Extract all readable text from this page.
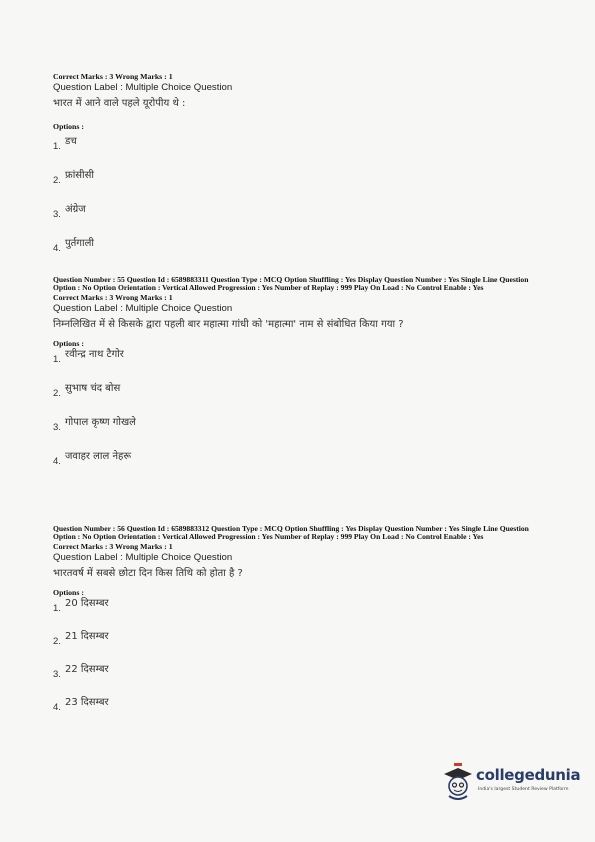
Correct Marks : 3 Wrong Marks : 1
Question Label : Multiple Choice Question
भारत में आने वाले पहले यूरोपीय थे :
Options :
1. डच
2. फ्रांसीसी
3. अंग्रेज
4. पुर्तगाली
Question Number : 55 Question Id : 6589883311 Question Type : MCQ Option Shuffling : Yes Display Question Number : Yes Single Line Question Option : No Option Orientation : Vertical Allowed Progression : Yes Number of Replay : 999 Play On Load : No Control Enable : Yes
Correct Marks : 3 Wrong Marks : 1
Question Label : Multiple Choice Question
निम्नलिखित में से किसके द्वारा पहली बार महात्मा गांधी को 'महात्मा' नाम से संबोधित किया गया ?
Options :
1. रवीन्द्र नाथ टैगोर
2. सुभाष चंद बोस
3. गोपाल कृष्ण गोखले
4. जवाहर लाल नेहरू
Question Number : 56 Question Id : 6589883312 Question Type : MCQ Option Shuffling : Yes Display Question Number : Yes Single Line Question Option : No Option Orientation : Vertical Allowed Progression : Yes Number of Replay : 999 Play On Load : No Control Enable : Yes
Correct Marks : 3 Wrong Marks : 1
Question Label : Multiple Choice Question
भारतवर्ष में सबसे छोटा दिन किस तिथि को होता है ?
Options :
1. 20 दिसम्बर
2. 21 दिसम्बर
3. 22 दिसम्बर
4. 23 दिसम्बर
collegedunia
India's largest Student Review Platform
